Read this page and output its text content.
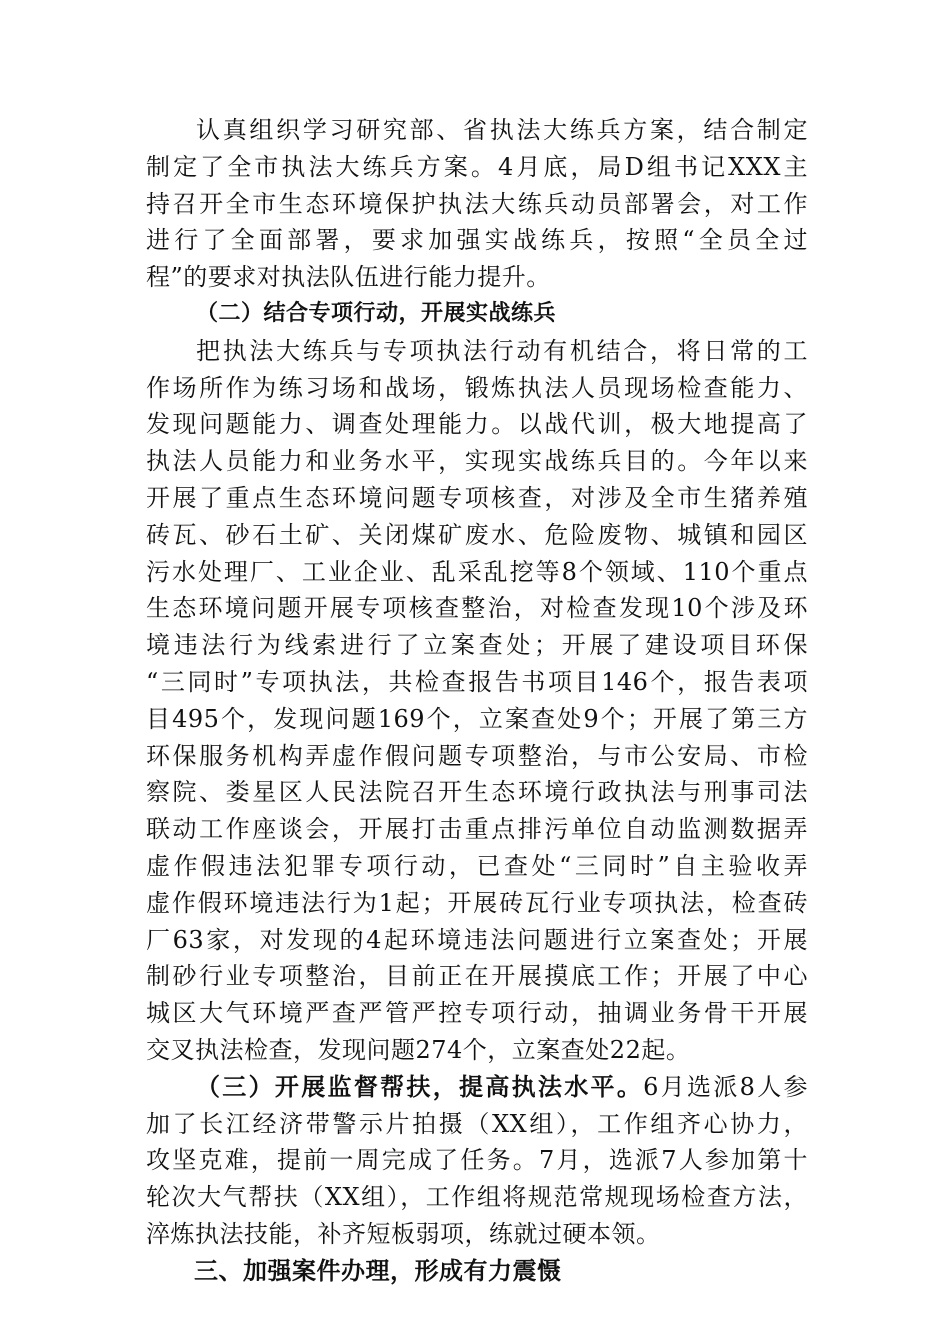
认真组织学习研究部、省执法大练兵方案，结合制定
制定了全市执法大练兵方案。4月底，局D组书记XXX主
持召开全市生态环境保护执法大练兵动员部署会，对工作
进行了全面部署，要求加强实战练兵，按照“全员全过
程”的要求对执法队伍进行能力提升。
（二）结合专项行动，开展实战练兵
把执法大练兵与专项执法行动有机结合，将日常的工
作场所作为练习场和战场，锻炼执法人员现场检查能力、
发现问题能力、调查处理能力。以战代训，极大地提高了
执法人员能力和业务水平，实现实战练兵目的。今年以来
开展了重点生态环境问题专项核查，对涉及全市生猪养殖
砖瓦、砂石土矿、关闭煤矿废水、危险废物、城镇和园区
污水处理厂、工业企业、乱采乱挖等8个领域、110个重点
生态环境问题开展专项核查整治，对检查发现10个涉及环
境违法行为线索进行了立案查处；开展了建设项目环保
“三同时”专项执法，共检查报告书项目146个，报告表项
目495个，发现问题169个，立案查处9个；开展了第三方
环保服务机构弄虚作假问题专项整治，与市公安局、市检
察院、娄星区人民法院召开生态环境行政执法与刑事司法
联动工作座谈会，开展打击重点排污单位自动监测数据弄
虚作假违法犯罪专项行动，已查处“三同时”自主验收弄
虚作假环境违法行为1起；开展砖瓦行业专项执法，检查砖
厂63家，对发现的4起环境违法问题进行立案查处；开展
制砂行业专项整治，目前正在开展摸底工作；开展了中心
城区大气环境严查严管严控专项行动，抽调业务骨干开展
交叉执法检查，发现问题274个，立案查处22起。
（三）开展监督帮扶，提高执法水平。6月选派8人参
加了长江经济带警示片拍摄（XX组），工作组齐心协力，
攻坚克难，提前一周完成了任务。7月，选派7人参加第十
轮次大气帮扶（XX组），工作组将规范常规现场检查方法，
淬炼执法技能，补齐短板弱项，练就过硬本领。
三、加强案件办理，形成有力震慑
